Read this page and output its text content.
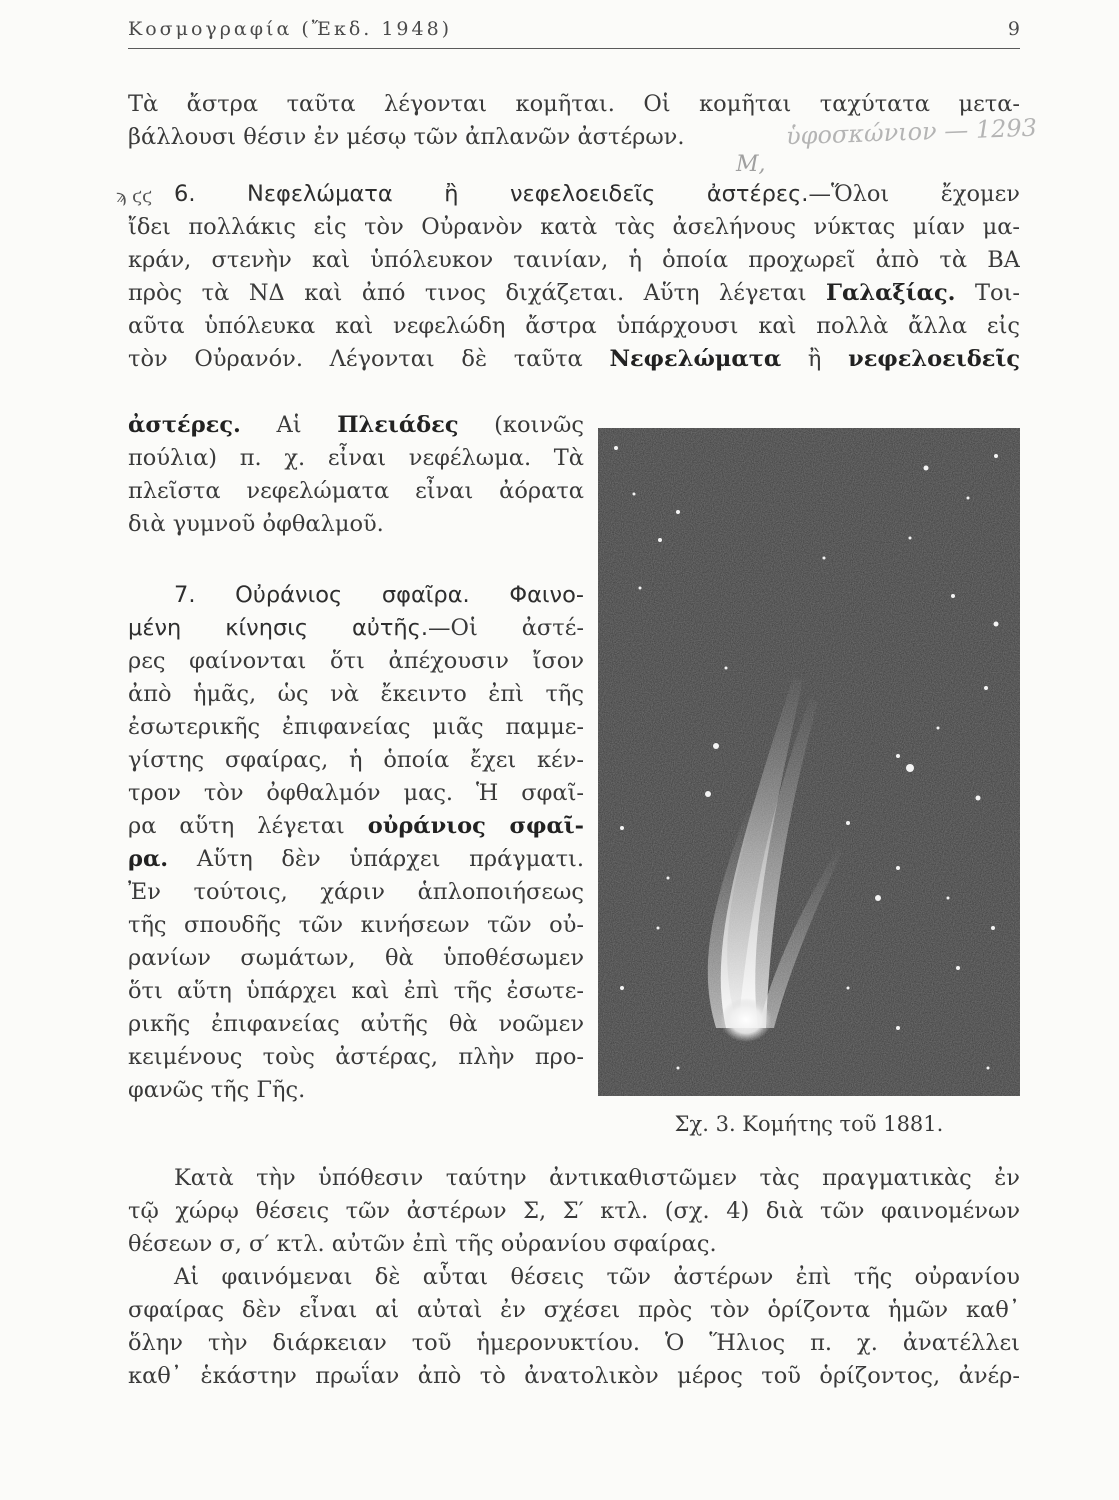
Κοσμογραφία (Ἔκδ. 1948)	9
ὑφοσκώνιον — 1293
Μ,
ϡ ϛϛ
Τὰ ἄστρα ταῦτα λέγονται κομῆται. Οἱ κομῆται ταχύτατα μετα-
βάλλουσι θέσιν ἐν μέσῳ τῶν ἀπλανῶν ἀστέρων.
6. Νεφελώματα ἢ νεφελοειδεῖς ἀστέρες.—Ὅλοι ἔχομεν
ἴδει πολλάκις εἰς τὸν Οὐρανὸν κατὰ τὰς ἀσελήνους νύκτας μίαν μα-
κράν, στενὴν καὶ ὑπόλευκον ταινίαν, ἡ ὁποία προχωρεῖ ἀπὸ τὰ ΒΑ
πρὸς τὰ ΝΔ καὶ ἀπό τινος διχάζεται. Αὕτη λέγεται Γαλαξίας. Τοι-
αῦτα ὑπόλευκα καὶ νεφελώδη ἄστρα ὑπάρχουσι καὶ πολλὰ ἄλλα εἰς
τὸν Οὐρανόν. Λέγονται δὲ ταῦτα Νεφελώματα ἢ νεφελοειδεῖς
ἀστέρες. Αἱ Πλειάδες (κοινῶς
πούλια) π. χ. εἶναι νεφέλωμα. Τὰ
πλεῖστα νεφελώματα εἶναι ἀόρατα
διὰ γυμνοῦ ὀφθαλμοῦ.
7. Οὐράνιος σφαῖρα. Φαινο-
μένη κίνησις αὐτῆς.—Οἱ ἀστέ-
ρες φαίνονται ὅτι ἀπέχουσιν ἴσον
ἀπὸ ἡμᾶς, ὡς νὰ ἔκειντο ἐπὶ τῆς
ἐσωτερικῆς ἐπιφανείας μιᾶς παμμε-
γίστης σφαίρας, ἡ ὁποία ἔχει κέν-
τρον τὸν ὀφθαλμόν μας. Ἡ σφαῖ-
ρα αὕτη λέγεται οὐράνιος σφαῖ-
ρα. Αὕτη δὲν ὑπάρχει πράγματι.
Ἐν τούτοις, χάριν ἁπλοποιήσεως
τῆς σπουδῆς τῶν κινήσεων τῶν οὐ-
ρανίων σωμάτων, θὰ ὑποθέσωμεν
ὅτι αὕτη ὑπάρχει καὶ ἐπὶ τῆς ἐσωτε-
ρικῆς ἐπιφανείας αὐτῆς θὰ νοῶμεν
κειμένους τοὺς ἀστέρας, πλὴν προ-
φανῶς τῆς Γῆς.
Σχ. 3. Κομήτης τοῦ 1881.
Κατὰ τὴν ὑπόθεσιν ταύτην ἀντικαθιστῶμεν τὰς πραγματικὰς ἐν
τῷ χώρῳ θέσεις τῶν ἀστέρων Σ, Σ′ κτλ. (σχ. 4) διὰ τῶν φαινομένων
θέσεων σ, σ′ κτλ. αὐτῶν ἐπὶ τῆς οὐρανίου σφαίρας.
Αἱ φαινόμεναι δὲ αὗται θέσεις τῶν ἀστέρων ἐπὶ τῆς οὐρανίου
σφαίρας δὲν εἶναι αἱ αὐταὶ ἐν σχέσει πρὸς τὸν ὁρίζοντα ἡμῶν καθ᾽
ὅλην τὴν διάρκειαν τοῦ ἡμερονυκτίου. Ὁ Ἥλιος π. χ. ἀνατέλλει
καθ᾽ ἑκάστην πρωΐαν ἀπὸ τὸ ἀνατολικὸν μέρος τοῦ ὁρίζοντος, ἀνέρ-
